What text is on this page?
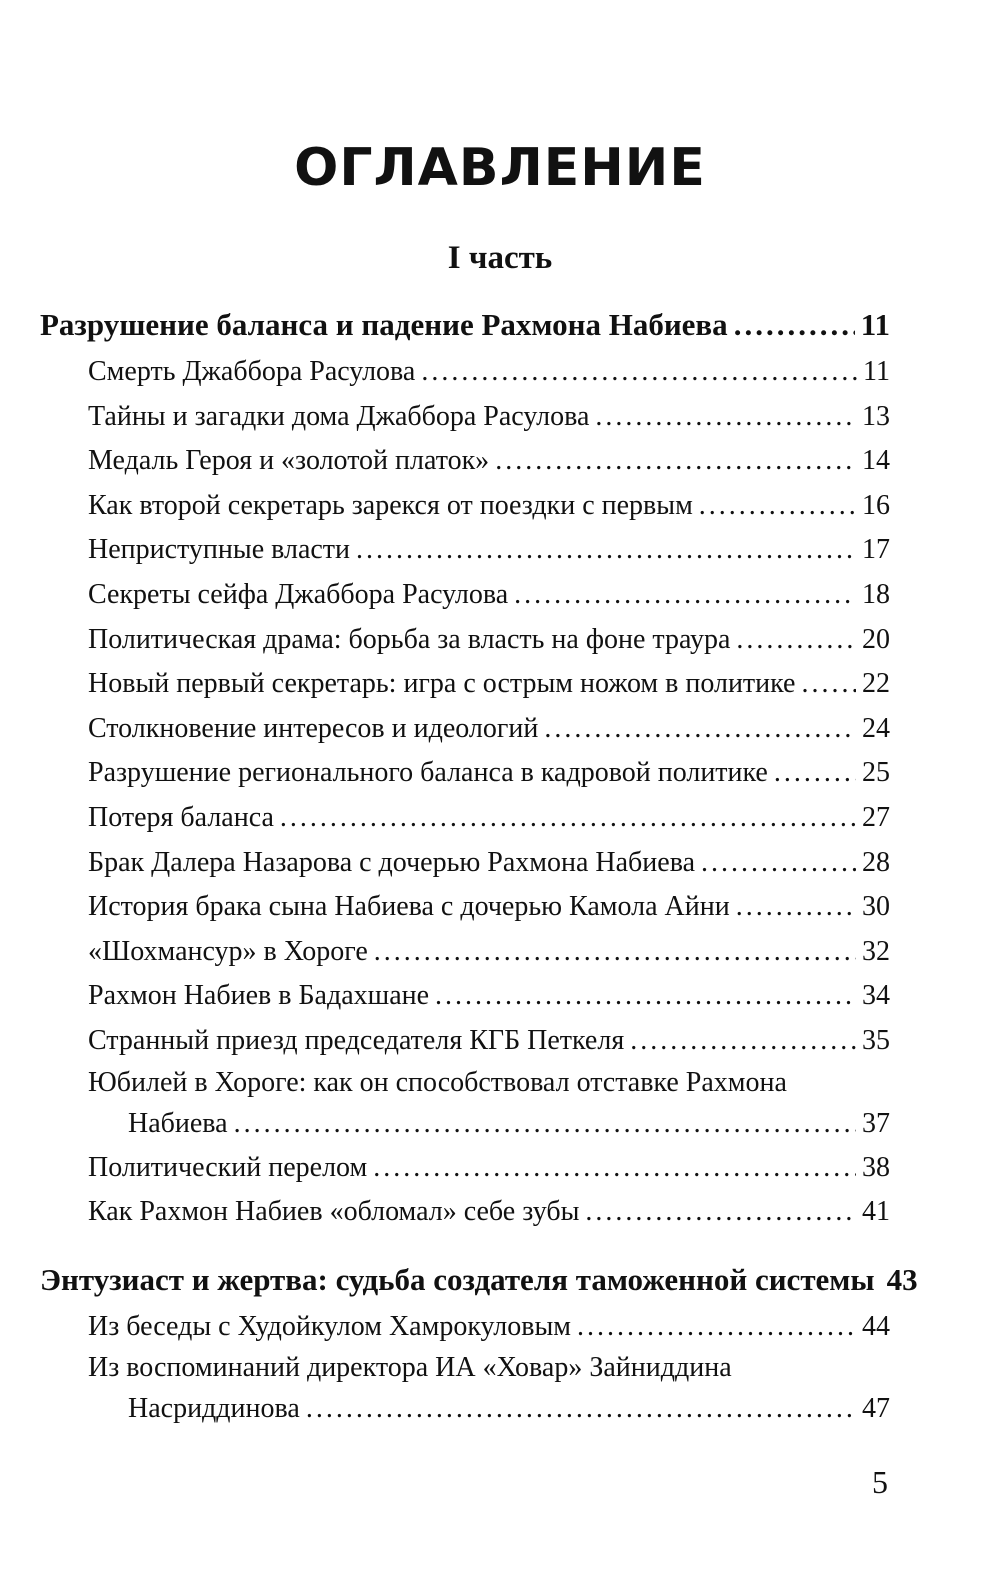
ОГЛАВЛЕНИЕ
I часть
Разрушение баланса и падение Рахмона Набиева .....	11
Смерть Джаббора Расулова .....	11
Тайны и загадки дома Джаббора Расулова .....	13
Медаль Героя и «золотой платок» .....	14
Как второй секретарь зарекся от поездки с первым .....	16
Неприступные власти .....	17
Секреты сейфа Джаббора Расулова .....	18
Политическая драма: борьба за власть на фоне траура .....	20
Новый первый секретарь: игра с острым ножом в политике ..... 22
Столкновение интересов и идеологий .....	24
Разрушение регионального баланса в кадровой политике .....	25
Потеря баланса .....	27
Брак Далера Назарова с дочерью Рахмона Набиева .....	28
История брака сына Набиева с дочерью Камола Айни .....	30
«Шохмансур» в Хороге .....	32
Рахмон Набиев в Бадахшане .....	34
Странный приезд председателя КГБ Петкеля .....	35
Юбилей в Хороге: как он способствовал отставке Рахмона
Набиева .....	37
Политический перелом .....	38
Как Рахмон Набиев «обломал» себе зубы .....	41
Энтузиаст и жертва: судьба создателя таможенной системы 43
Из беседы с Худойкулом Хамрокуловым .....	44
Из воспоминаний директора ИА «Ховар» Зайниддина
Насриддинова .....	47
5
